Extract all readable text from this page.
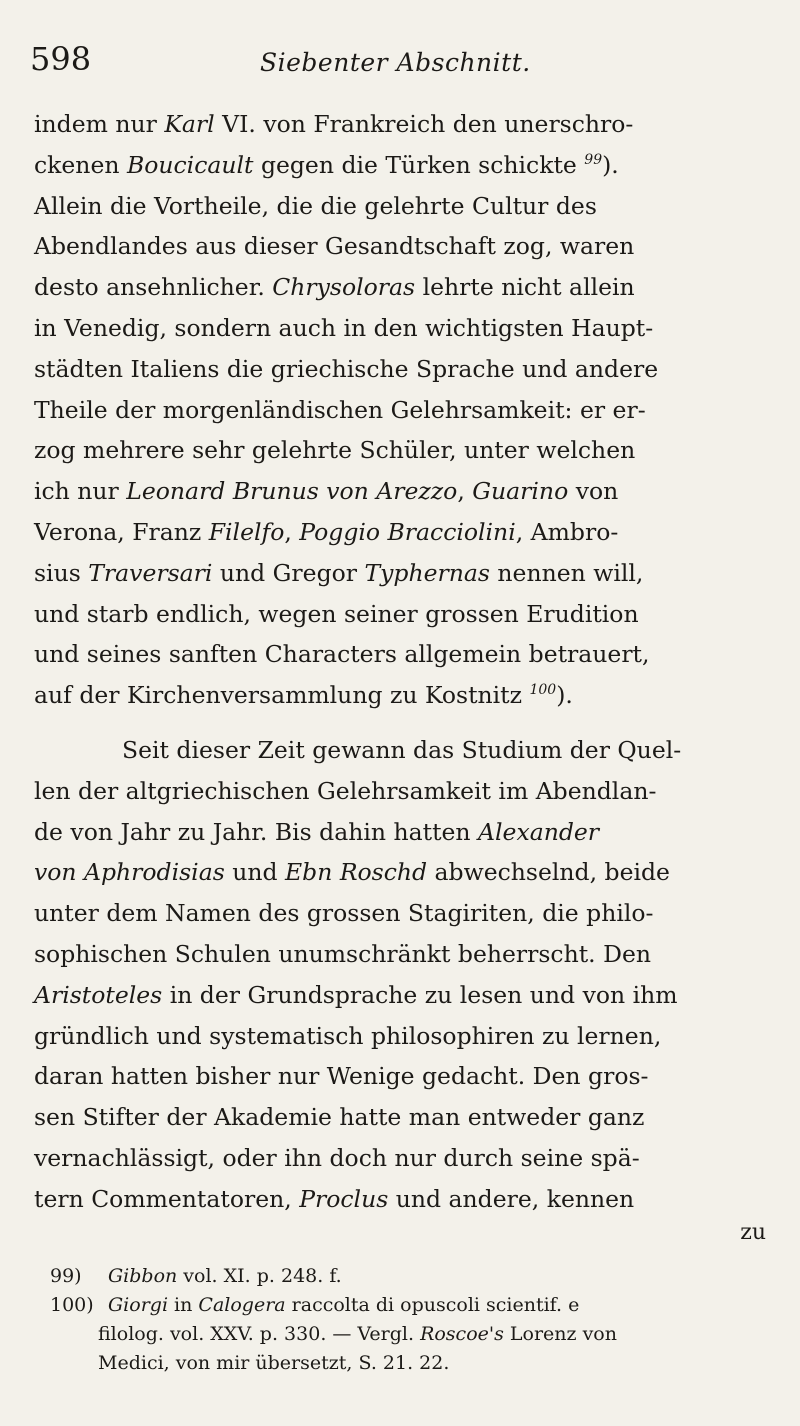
598	Siebenter Abschnitt.
indem nur Karl VI. von Frankreich den unerschro-
ckenen Boucicault gegen die Türken schickte $^{99}$).
Allein die Vortheile, die die gelehrte Cultur des
Abendlandes aus dieser Gesandtschaft zog, waren
desto ansehnlicher. Chrysoloras lehrte nicht allein
in Venedig, sondern auch in den wichtigsten Haupt-
städten Italiens die griechische Sprache und andere
Theile der morgenländischen Gelehrsamkeit: er er-
zog mehrere sehr gelehrte Schüler, unter welchen
ich nur Leonard Brunus von Arezzo, Guarino von
Verona, Franz Filelfo, Poggio Bracciolini, Ambro-
sius Traversari und Gregor Typhernas nennen will,
und starb endlich, wegen seiner grossen Erudition
und seines sanften Characters allgemein betrauert,
auf der Kirchenversammlung zu Kostnitz $^{100}$).
Seit dieser Zeit gewann das Studium der Quel-
len der altgriechischen Gelehrsamkeit im Abendlan-
de von Jahr zu Jahr. Bis dahin hatten Alexander
von Aphrodisias und Ebn Roschd abwechselnd, beide
unter dem Namen des grossen Stagiriten, die philo-
sophischen Schulen unumschränkt beherrscht. Den
Aristoteles in der Grundsprache zu lesen und von ihm
gründlich und systematisch philosophiren zu lernen,
daran hatten bisher nur Wenige gedacht. Den gros-
sen Stifter der Akademie hatte man entweder ganz
vernachlässigt, oder ihn doch nur durch seine spä-
tern Commentatoren, Proclus und andere, kennen
zu
99)	Gibbon vol. XI. p. 248. f.
100) Giorgi in Calogera raccolta di opuscoli scientif. e
filolog. vol. XXV. p. 330. — Vergl. Roscoe's Lorenz von
Medici, von mir übersetzt, S. 21. 22.
